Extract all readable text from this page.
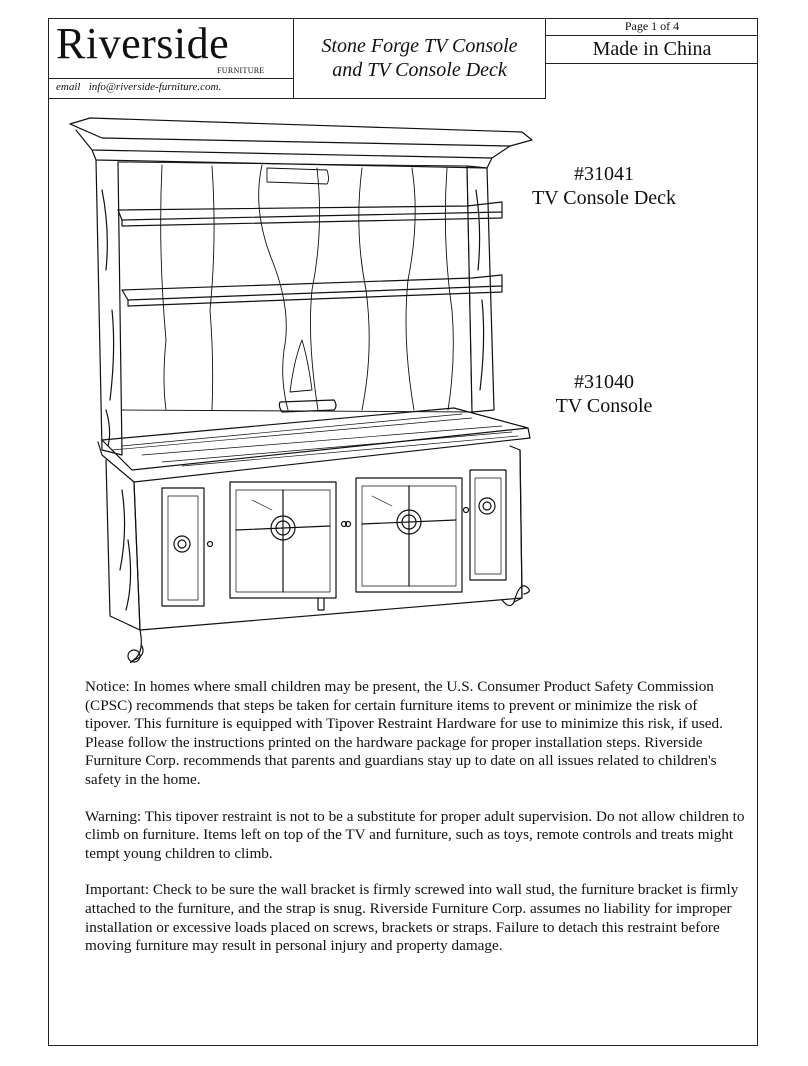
Riverside
FURNITURE
email info@riverside-furniture.com.
Stone Forge TV Console
and TV Console Deck
Page 1 of 4
Made in China
#31041
TV Console Deck
#31040
TV Console

Notice: In homes where small children may be present, the U.S. Consumer Product Safety Commission (CPSC) recommends that steps be taken for certain furniture items to prevent or minimize the risk of tipover. This furniture is equipped with Tipover Restraint Hardware for use to minimize this risk, if used. Please follow the instructions printed on the hardware package for proper installation steps. Riverside Furniture Corp. recommends that parents and guardians stay up to date on all issues related to children's safety in the home.

Warning: This tipover restraint is not to be a substitute for proper adult supervision. Do not allow children to climb on furniture. Items left on top of the TV and furniture, such as toys, remote controls and treats might tempt young children to climb.

Important: Check to be sure the wall bracket is firmly screwed into wall stud, the furniture bracket is firmly attached to the furniture, and the strap is snug. Riverside Furniture Corp. assumes no liability for improper installation or excessive loads placed on screws, brackets or straps. Failure to detach this restraint before moving furniture may result in personal injury and property damage.
